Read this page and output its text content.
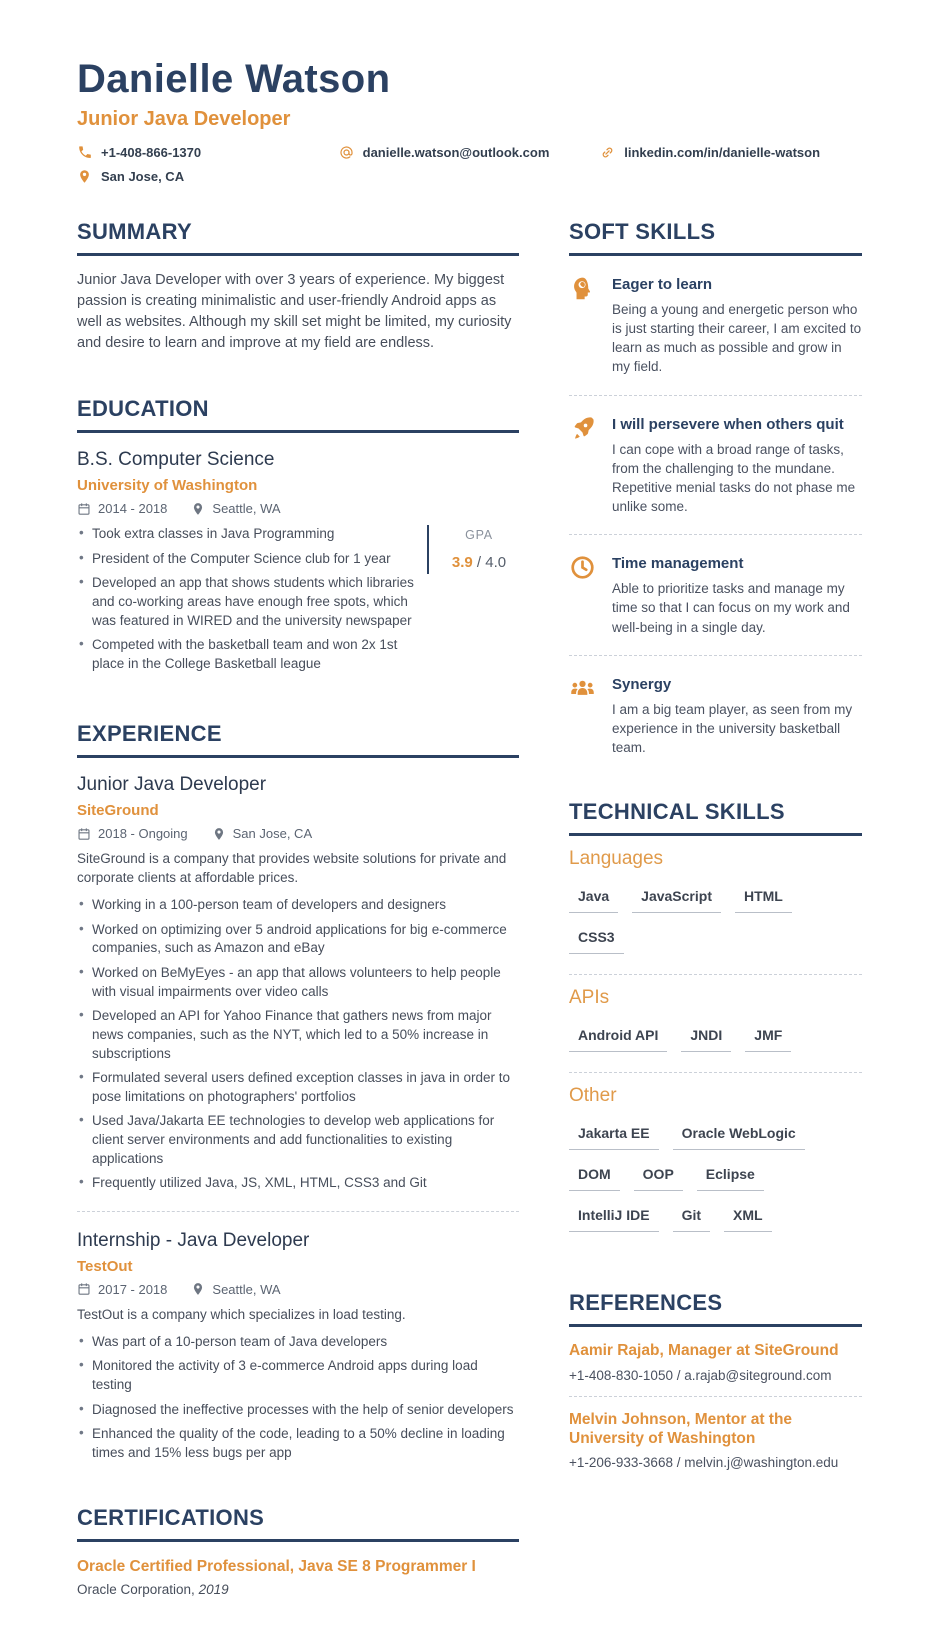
Danielle Watson
Junior Java Developer
+1-408-866-1370	danielle.watson@outlook.com	linkedin.com/in/danielle-watson
San Jose, CA
SUMMARY

Junior Java Developer with over 3 years of experience. My biggest passion is creating minimalistic and user-friendly Android apps as well as websites. Although my skill set might be limited, my curiosity and desire to learn and improve at my field are endless.

EDUCATION
B.S. Computer Science
University of Washington
2014 - 2018	Seattle, WA
• Took extra classes in Java Programming
• President of the Computer Science club for 1 year
• Developed an app that shows students which libraries and co-working areas have enough free spots, which was featured in WIRED and the university newspaper
• Competed with the basketball team and won 2x 1st place in the College Basketball league
GPA
3.9 / 4.0
EXPERIENCE
Junior Java Developer
SiteGround
2018 - Ongoing	San Jose, CA

SiteGround is a company that provides website solutions for private and corporate clients at affordable prices.

• Working in a 100-person team of developers and designers
• Worked on optimizing over 5 android applications for big e-commerce companies, such as Amazon and eBay
• Worked on BeMyEyes - an app that allows volunteers to help people with visual impairments over video calls
• Developed an API for Yahoo Finance that gathers news from major news companies, such as the NYT, which led to a 50% increase in subscriptions
• Formulated several users defined exception classes in java in order to pose limitations on photographers' portfolios
• Used Java/Jakarta EE technologies to develop web applications for client server environments and add functionalities to existing applications
• Frequently utilized Java, JS, XML, HTML, CSS3 and Git
Internship - Java Developer
TestOut
2017 - 2018	Seattle, WA

TestOut is a company which specializes in load testing.

• Was part of a 10-person team of Java developers
• Monitored the activity of 3 e-commerce Android apps during load testing
• Diagnosed the ineffective processes with the help of senior developers
• Enhanced the quality of the code, leading to a 50% decline in loading times and 15% less bugs per app
CERTIFICATIONS
Oracle Certified Professional, Java SE 8 Programmer I
Oracle Corporation, 2019
SOFT SKILLS
Eager to learn

Being a young and energetic person who is just starting their career, I am excited to learn as much as possible and grow in my field.

I will persevere when others quit

I can cope with a broad range of tasks, from the challenging to the mundane. Repetitive menial tasks do not phase me unlike some.

Time management

Able to prioritize tasks and manage my time so that I can focus on my work and well-being in a single day.

Synergy

I am a big team player, as seen from my experience in the university basketball team.

TECHNICAL SKILLS
Languages
Java	JavaScript	HTML
CSS3
APIs
Android API	JNDI	JMF
Other
Jakarta EE	Oracle WebLogic
DOM	OOP	Eclipse
IntelliJ IDE	Git	XML
REFERENCES
Aamir Rajab, Manager at SiteGround
+1-408-830-1050 / a.rajab@siteground.com
Melvin Johnson, Mentor at the University of Washington
+1-206-933-3668 / melvin.j@washington.edu
